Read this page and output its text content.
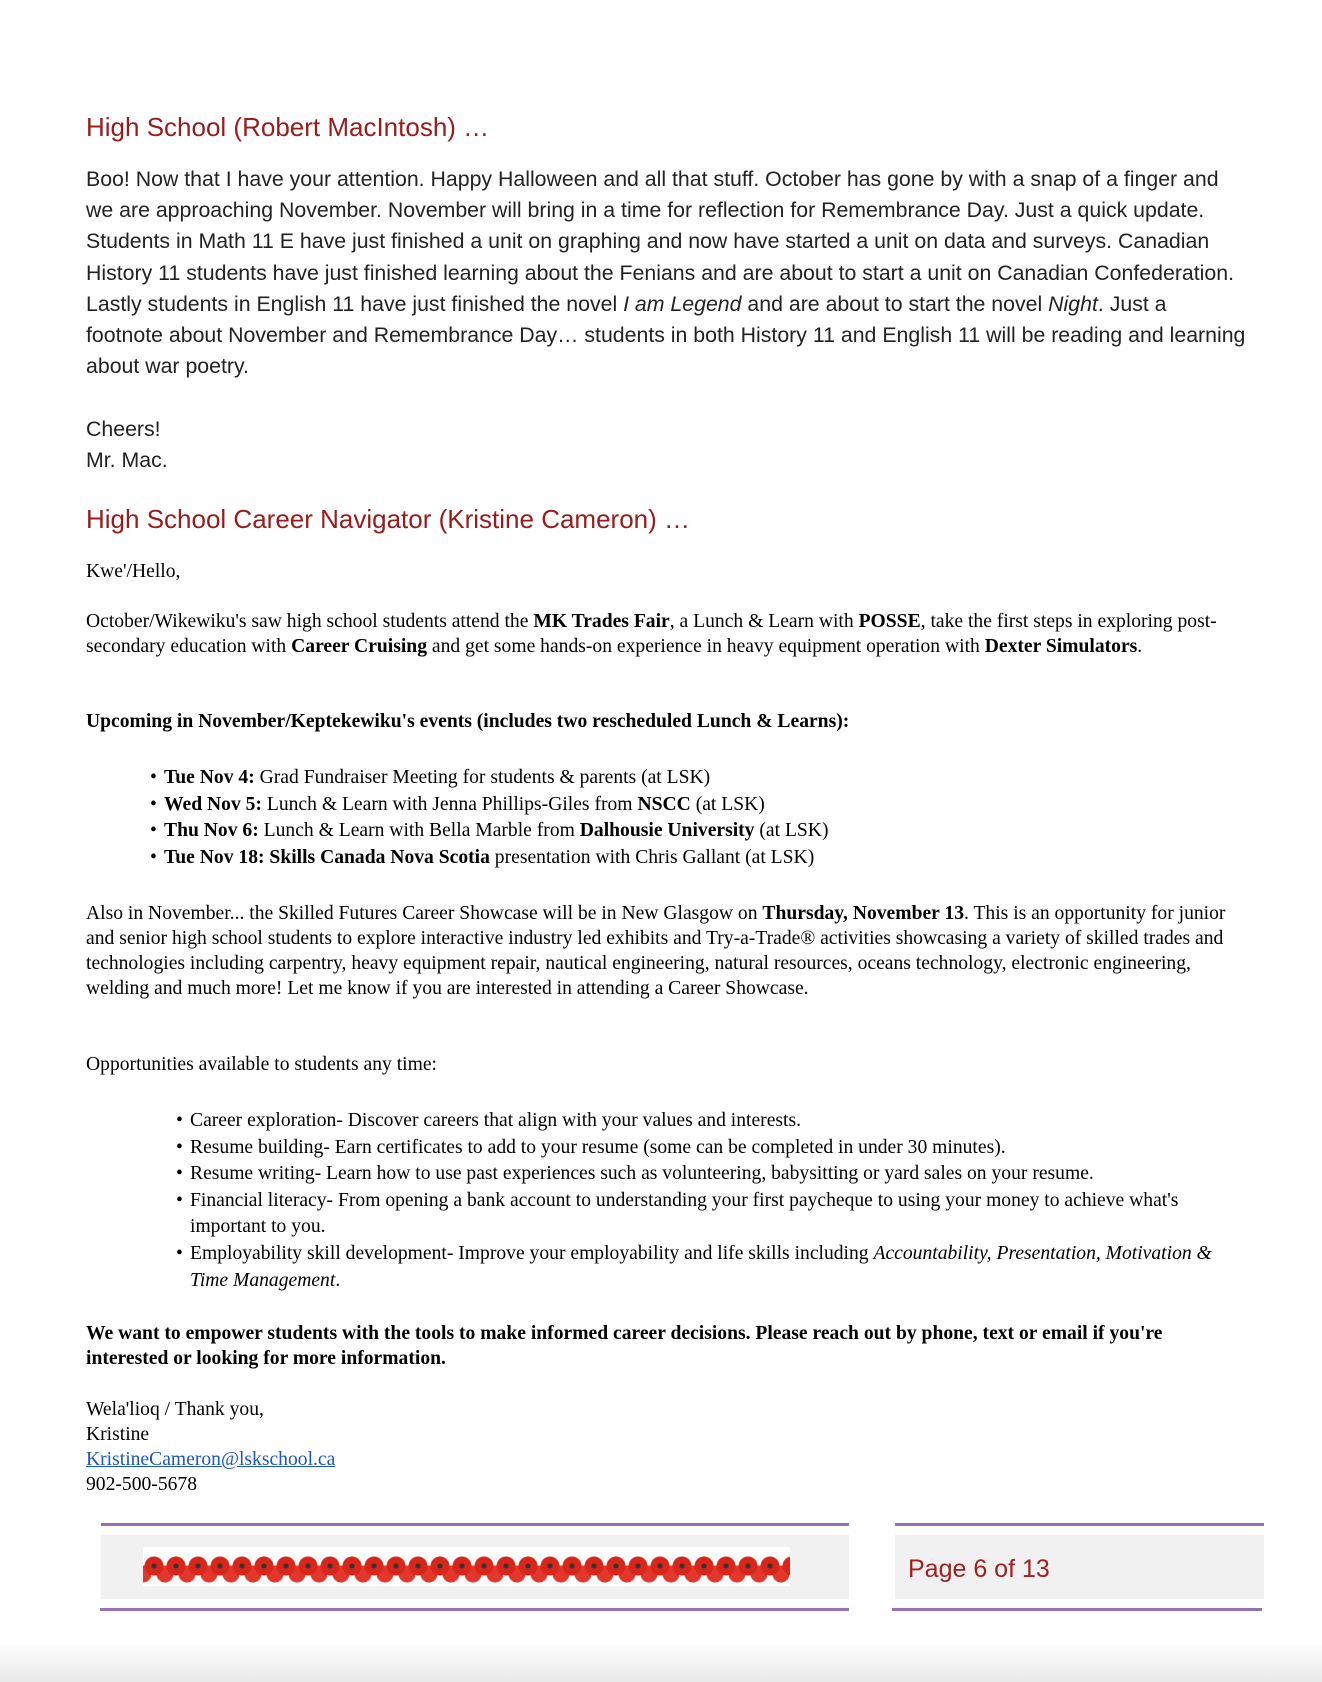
High School (Robert MacIntosh) …

Boo! Now that I have your attention. Happy Halloween and all that stuff. October has gone by with a snap of a finger and we are approaching November. November will bring in a time for reflection for Remembrance Day. Just a quick update. Students in Math 11 E have just finished a unit on graphing and now have started a unit on data and surveys. Canadian History 11 students have just finished learning about the Fenians and are about to start a unit on Canadian Confederation. Lastly students in English 11 have just finished the novel I am Legend and are about to start the novel Night. Just a footnote about November and Remembrance Day… students in both History 11 and English 11 will be reading and learning about war poetry.

Cheers!
Mr. Mac.

High School Career Navigator (Kristine Cameron) …

Kwe'/Hello,

October/Wikewiku's saw high school students attend the MK Trades Fair, a Lunch & Learn with POSSE, take the first steps in exploring post-secondary education with Career Cruising and get some hands-on experience in heavy equipment operation with Dexter Simulators.

Upcoming in November/Keptekewiku's events (includes two rescheduled Lunch & Learns):

• Tue Nov 4: Grad Fundraiser Meeting for students & parents (at LSK)
• Wed Nov 5: Lunch & Learn with Jenna Phillips-Giles from NSCC (at LSK)
• Thu Nov 6: Lunch & Learn with Bella Marble from Dalhousie University (at LSK)
• Tue Nov 18: Skills Canada Nova Scotia presentation with Chris Gallant (at LSK)

Also in November... the Skilled Futures Career Showcase will be in New Glasgow on Thursday, November 13. This is an opportunity for junior and senior high school students to explore interactive industry led exhibits and Try-a-Trade® activities showcasing a variety of skilled trades and technologies including carpentry, heavy equipment repair, nautical engineering, natural resources, oceans technology, electronic engineering, welding and much more! Let me know if you are interested in attending a Career Showcase.

Opportunities available to students any time:

• Career exploration- Discover careers that align with your values and interests.
• Resume building- Earn certificates to add to your resume (some can be completed in under 30 minutes).
• Resume writing- Learn how to use past experiences such as volunteering, babysitting or yard sales on your resume.
• Financial literacy- From opening a bank account to understanding your first paycheque to using your money to achieve what's important to you.
• Employability skill development- Improve your employability and life skills including Accountability, Presentation, Motivation & Time Management.

We want to empower students with the tools to make informed career decisions. Please reach out by phone, text or email if you're interested or looking for more information.

Wela'lioq / Thank you,
Kristine
KristineCameron@lskschool.ca
902-500-5678

Page 6 of 13
